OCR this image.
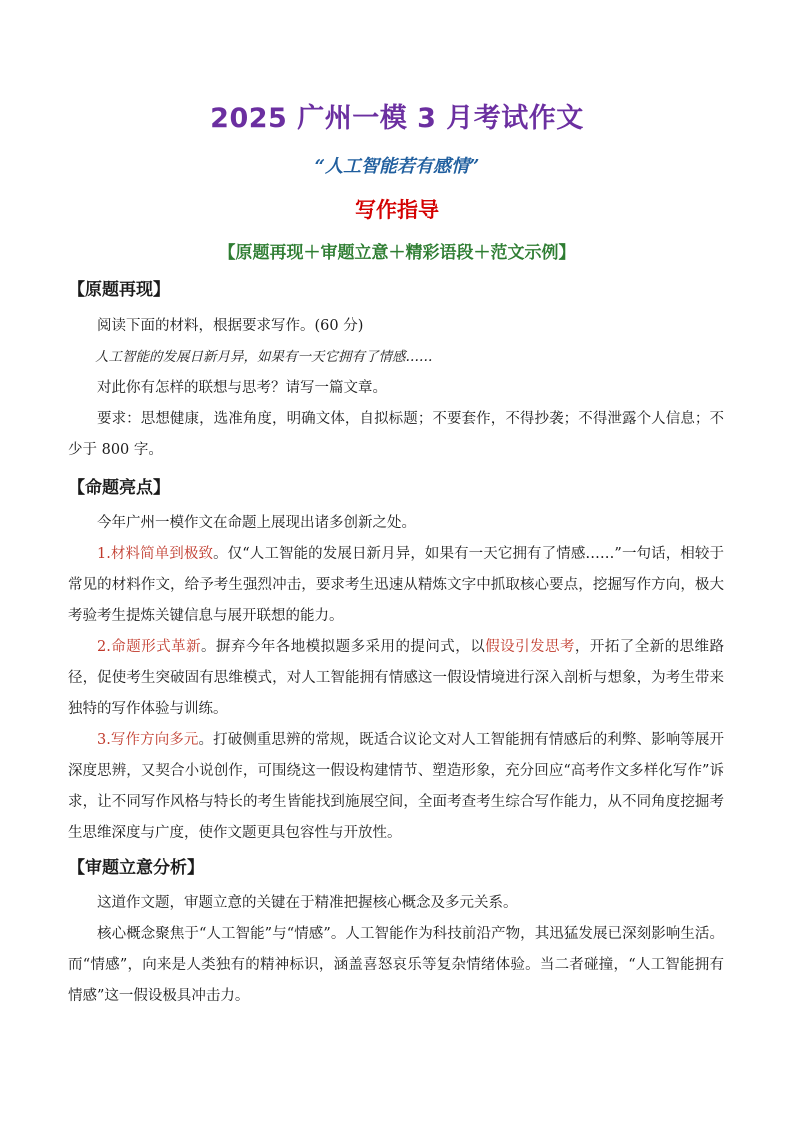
2025 广州一模 3 月考试作文
“人工智能若有感情”
写作指导
【原题再现＋审题立意＋精彩语段＋范文示例】
【原题再现】
阅读下面的材料，根据要求写作。(60 分)
人工智能的发展日新月异，如果有一天它拥有了情感……
对此你有怎样的联想与思考？请写一篇文章。
要求：思想健康，选准角度，明确文体，自拟标题；不要套作，不得抄袭；不得泄露个人信息；不少于 800 字。
【命题亮点】
今年广州一模作文在命题上展现出诸多创新之处。
1.材料简单到极致。仅“人工智能的发展日新月异，如果有一天它拥有了情感……”一句话，相较于常见的材料作文，给予考生强烈冲击，要求考生迅速从精炼文字中抓取核心要点，挖掘写作方向，极大考验考生提炼关键信息与展开联想的能力。
2.命题形式革新。摒弃今年各地模拟题多采用的提问式，以假设引发思考，开拓了全新的思维路径，促使考生突破固有思维模式，对人工智能拥有情感这一假设情境进行深入剖析与想象，为考生带来独特的写作体验与训练。
3.写作方向多元。打破侧重思辨的常规，既适合议论文对人工智能拥有情感后的利弊、影响等展开深度思辨，又契合小说创作，可围绕这一假设构建情节、塑造形象，充分回应“高考作文多样化写作”诉求，让不同写作风格与特长的考生皆能找到施展空间，全面考查考生综合写作能力，从不同角度挖掘考生思维深度与广度，使作文题更具包容性与开放性。
【审题立意分析】
这道作文题，审题立意的关键在于精准把握核心概念及多元关系。
核心概念聚焦于“人工智能”与“情感”。人工智能作为科技前沿产物，其迅猛发展已深刻影响生活。而“情感”，向来是人类独有的精神标识，涵盖喜怒哀乐等复杂情绪体验。当二者碰撞，“人工智能拥有情感”这一假设极具冲击力。
